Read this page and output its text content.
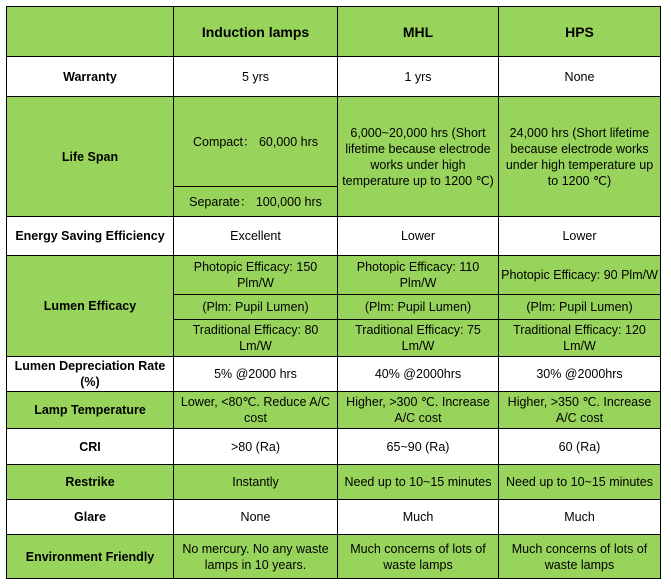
	Induction lamps	MHL	HPS
Warranty	5 yrs	1 yrs	None
Life Span	Compact： 60,000 hrs	6,000~20,000 hrs (Short lifetime because electrode works under high temperature up to 1200 ℃)	24,000 hrs (Short lifetime because electrode works under high temperature up to 1200 ℃)
	Separate： 100,000 hrs		
Energy Saving Efficiency	Excellent	Lower	Lower
Lumen Efficacy	Photopic Efficacy: 150 Plm/W	Photopic Efficacy: 110 Plm/W	Photopic Efficacy: 90 Plm/W
	(Plm: Pupil Lumen)	(Plm: Pupil Lumen)	(Plm: Pupil Lumen)
	Traditional Efficacy: 80 Lm/W	Traditional Efficacy: 75 Lm/W	Traditional Efficacy: 120 Lm/W
Lumen Depreciation Rate (%)	5% @2000 hrs	40% @2000hrs	30% @2000hrs
Lamp Temperature	Lower, <80℃. Reduce A/C cost	Higher, >300 ℃. Increase A/C cost	Higher, >350 ℃. Increase A/C cost
CRI	>80 (Ra)	65~90 (Ra)	60 (Ra)
Restrike	Instantly	Need up to 10~15 minutes	Need up to 10~15 minutes
Glare	None	Much	Much
Environment Friendly	No mercury. No any waste lamps in 10 years.	Much concerns of lots of waste lamps	Much concerns of lots of waste lamps
